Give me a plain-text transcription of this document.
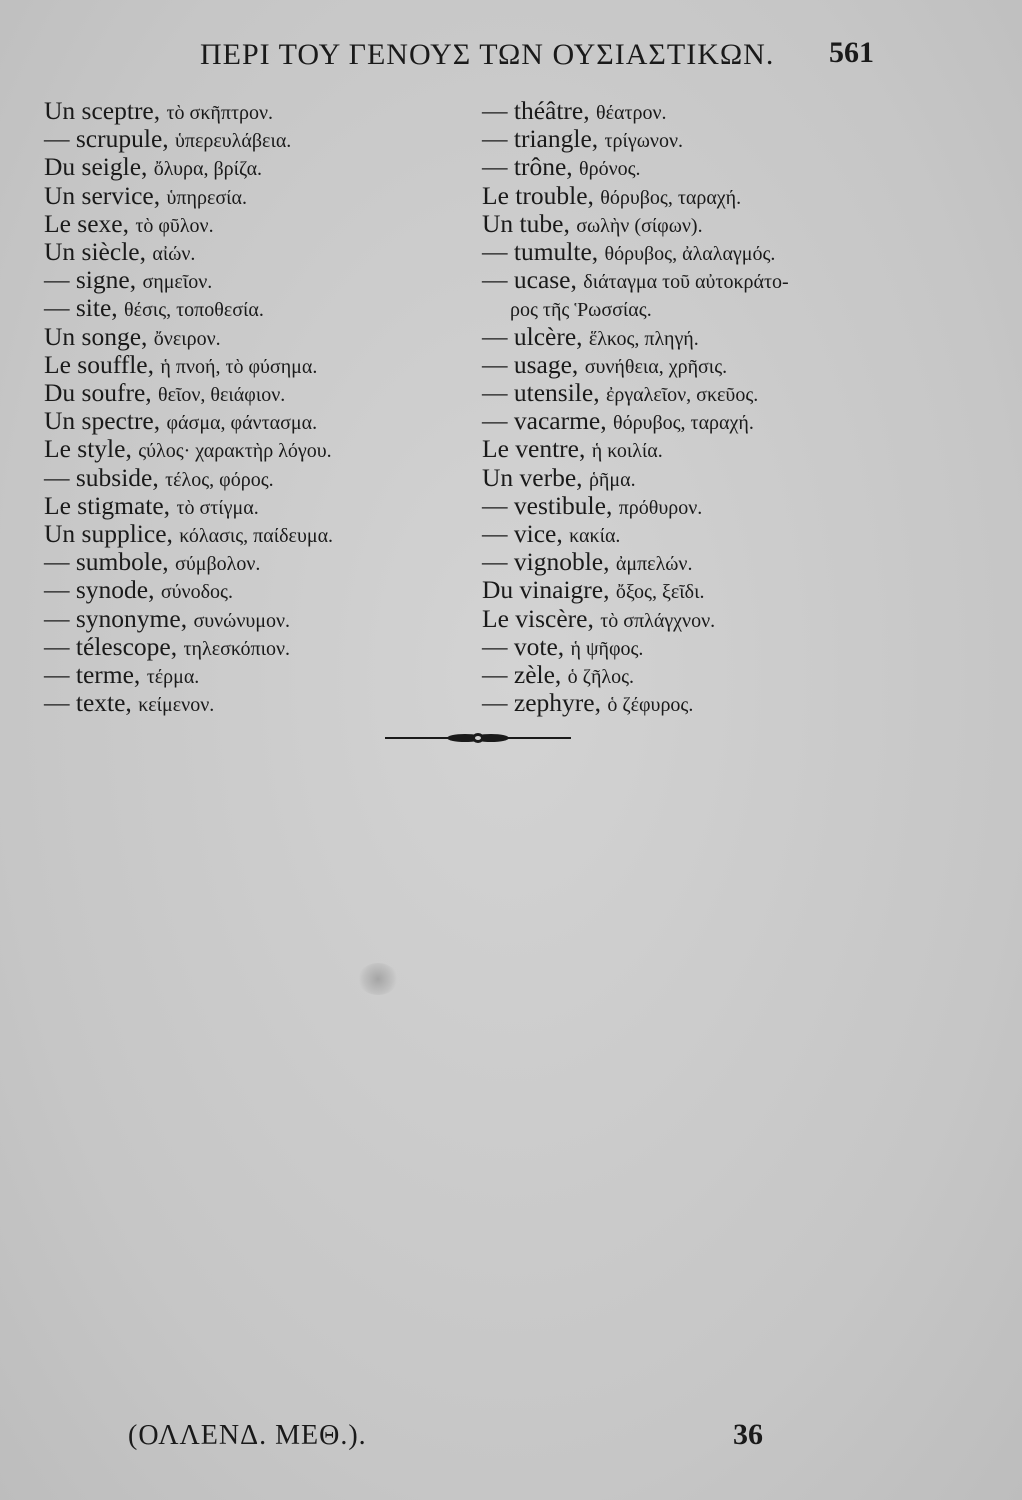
ΠΕΡΙ ΤΟΥ ΓΕΝΟΥΣ ΤΩΝ ΟΥΣΙΑΣΤΙΚΩΝ. 561
Un sceptre, τὸ σκῆπτρον.
— scrupule, ὑπερευλάβεια.
Du seigle, ὄλυρα, βρίζα.
Un service, ὑπηρεσία.
Le sexe, τὸ φῦλον.
Un siècle, αἰών.
— signe, σημεῖον.
— site, θέσις, τοποθεσία.
Un songe, ὄνειρον.
Le souffle, ἡ πνοή, τὸ φύσημα.
Du soufre, θεῖον, θειάφιον.
Un spectre, φάσμα, φάντασμα.
Le style, ςύλος· χαρακτὴρ λόγου.
— subside, τέλος, φόρος.
Le stigmate, τὸ στίγμα.
Un supplice, κόλασις, παίδευμα.
— sumbole, σύμβολον.
— synode, σύνοδος.
— synonyme, συνώνυμον.
— télescope, τηλεσκόπιον.
— terme, τέρμα.
— texte, κείμενον.
— théâtre, θέατρον.
— triangle, τρίγωνον.
— trône, θρόνος.
Le trouble, θόρυβος, ταραχή.
Un tube, σωλὴν (σίφων).
— tumulte, θόρυβος, ἀλαλαγμός.
— ucase, διάταγμα τοῦ αὐτοκράτο-
ρος τῆς Ῥωσσίας.
— ulcère, ἕλκος, πληγή.
— usage, συνήθεια, χρῆσις.
— utensile, ἐργαλεῖον, σκεῦος.
— vacarme, θόρυβος, ταραχή.
Le ventre, ἡ κοιλία.
Un verbe, ῥῆμα.
— vestibule, πρόθυρον.
— vice, κακία.
— vignoble, ἀμπελών.
Du vinaigre, ὄξος, ξεῖδι.
Le viscère, τὸ σπλάγχνον.
— vote, ἡ ψῆφος.
— zèle, ὁ ζῆλος.
— zephyre, ὁ ζέφυρος.
(ΟΛΛΕΝΔ. ΜΕΘ.).	36
